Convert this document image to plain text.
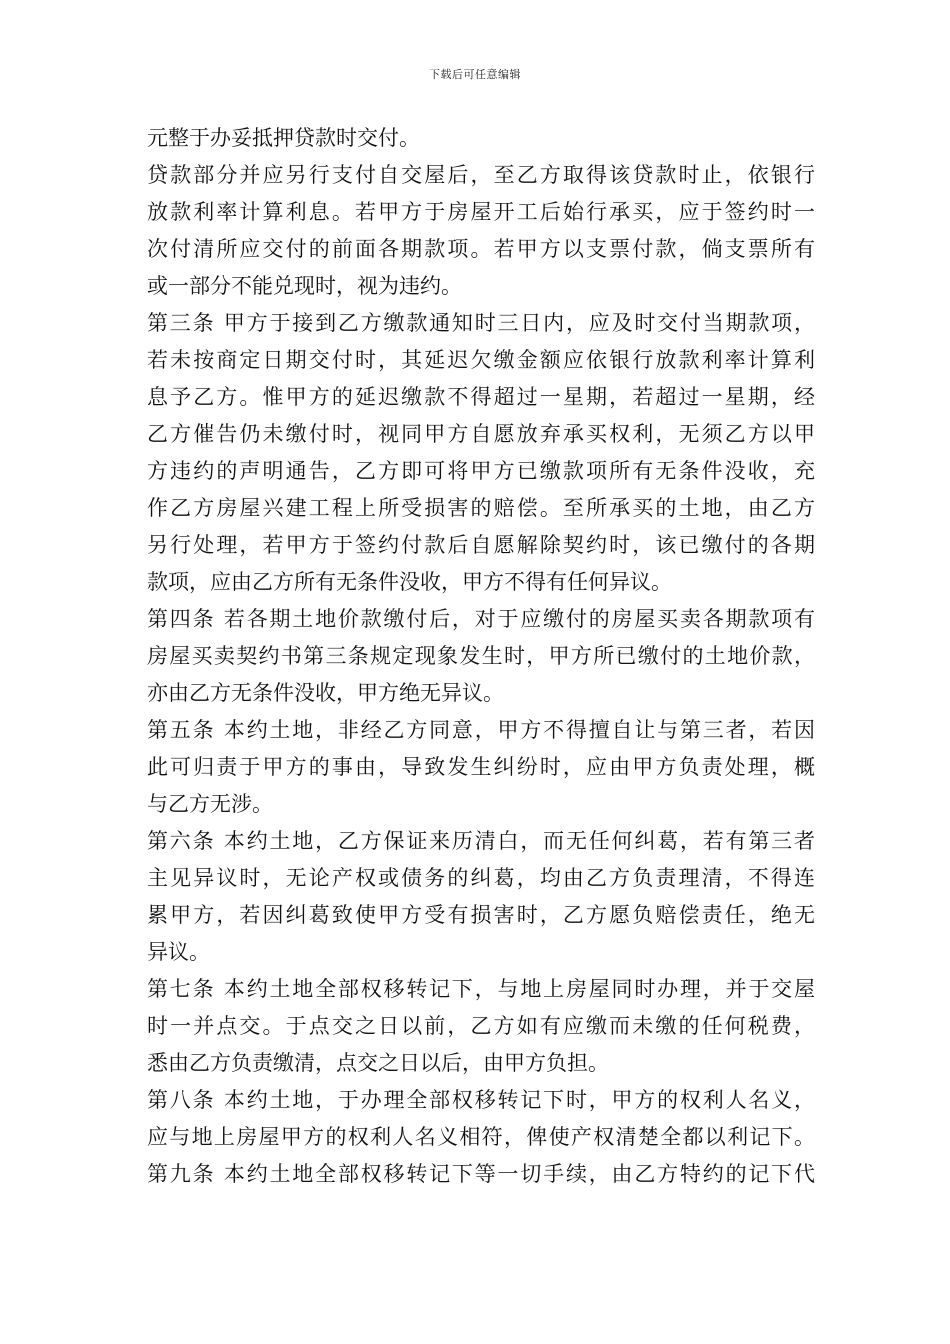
下载后可任意编辑
元整于办妥抵押贷款时交付。
贷款部分并应另行支付自交屋后，至乙方取得该贷款时止，依银行
放款利率计算利息。若甲方于房屋开工后始行承买，应于签约时一
次付清所应交付的前面各期款项。若甲方以支票付款，倘支票所有
或一部分不能兑现时，视为违约。
第三条 甲方于接到乙方缴款通知时三日内，应及时交付当期款项，
若未按商定日期交付时，其延迟欠缴金额应依银行放款利率计算利
息予乙方。惟甲方的延迟缴款不得超过一星期，若超过一星期，经
乙方催告仍未缴付时，视同甲方自愿放弃承买权利，无须乙方以甲
方违约的声明通告，乙方即可将甲方已缴款项所有无条件没收，充
作乙方房屋兴建工程上所受损害的赔偿。至所承买的土地，由乙方
另行处理，若甲方于签约付款后自愿解除契约时，该已缴付的各期
款项，应由乙方所有无条件没收，甲方不得有任何异议。
第四条 若各期土地价款缴付后，对于应缴付的房屋买卖各期款项有
房屋买卖契约书第三条规定现象发生时，甲方所已缴付的土地价款，
亦由乙方无条件没收，甲方绝无异议。
第五条 本约土地，非经乙方同意，甲方不得擅自让与第三者，若因
此可归责于甲方的事由，导致发生纠纷时，应由甲方负责处理，概
与乙方无涉。
第六条 本约土地，乙方保证来历清白，而无任何纠葛，若有第三者
主见异议时，无论产权或债务的纠葛，均由乙方负责理清，不得连
累甲方，若因纠葛致使甲方受有损害时，乙方愿负赔偿责任，绝无
异议。
第七条 本约土地全部权移转记下，与地上房屋同时办理，并于交屋
时一并点交。于点交之日以前，乙方如有应缴而未缴的任何税费，
悉由乙方负责缴清，点交之日以后，由甲方负担。
第八条 本约土地，于办理全部权移转记下时，甲方的权利人名义，
应与地上房屋甲方的权利人名义相符，俾使产权清楚全都以利记下。
第九条 本约土地全部权移转记下等一切手续，由乙方特约的记下代
